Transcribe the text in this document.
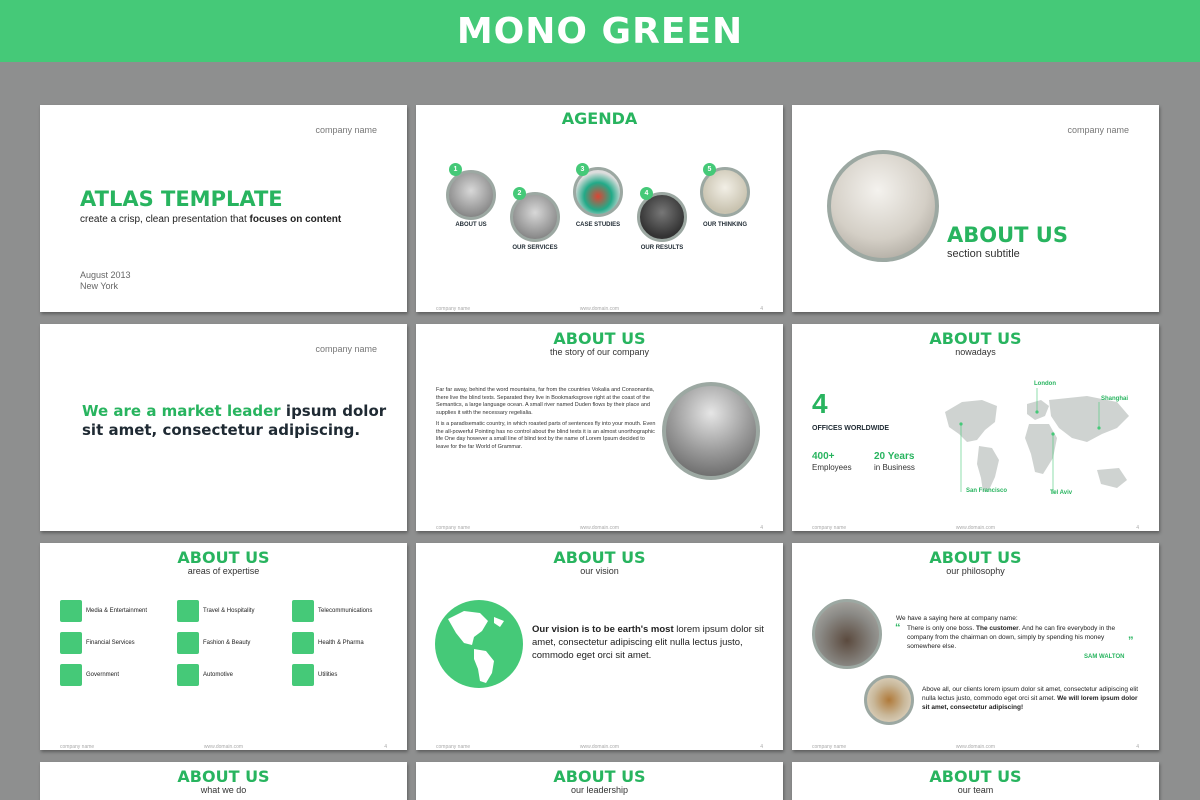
MONO GREEN
company name
ATLAS TEMPLATE
create a crisp, clean presentation that focuses on content
August 2013
New York
AGENDA
1
ABOUT US
2
OUR SERVICES
3
CASE STUDIES
4
OUR RESULTS
5
OUR THINKING
company name	www.domain.com	4
company name
ABOUT US
section subtitle
company name
We are a market leader ipsum dolor
sit amet, consectetur adipiscing.
ABOUT US
the story of our company

Far far away, behind the word mountains, far from the countries Vokalia and Consonantia, there live the blind texts. Separated they live in Bookmarksgrove right at the coast of the Semantics, a large language ocean. A small river named Duden flows by their place and supplies it with the necessary regelialia.

It is a paradisematic country, in which roasted parts of sentences fly into your mouth. Even the all-powerful Pointing has no control about the blind texts it is an almost unorthographic life One day however a small line of blind text by the name of Lorem Ipsum decided to leave for the far World of Grammar.

company name	www.domain.com	4
ABOUT US
nowadays
4
OFFICES WORLDWIDE
400+
Employees
20 Years
in Business
London
Shanghai
San Francisco	Tel Aviv
company name	www.domain.com	4
ABOUT US
areas of expertise
Media & Entertainment	Travel & Hospitality	Telecommunications
Financial Services	Fashion & Beauty	Health & Pharma
Government	Automotive	Utilities
company name	www.domain.com	4
ABOUT US
our vision
Our vision is to be earth's most lorem ipsum dolor sit amet, consectetur adipiscing elit nulla lectus justo, commodo eget orci sit amet.
company name	www.domain.com	4
ABOUT US
our philosophy
We have a saying here at company name:
“ There is only one boss. The customer. And he can fire everybody in the company from the chairman on down, simply by spending his money somewhere else.	”
SAM WALTON
Above all, our clients lorem ipsum dolor sit amet, consectetur adipiscing elit nulla lectus justo, commodo eget orci sit amet. We will lorem ipsum dolor sit amet, consectetur adipiscing!
company name	www.domain.com	4
ABOUT US
what we do
ABOUT US
our leadership
ABOUT US
our team
